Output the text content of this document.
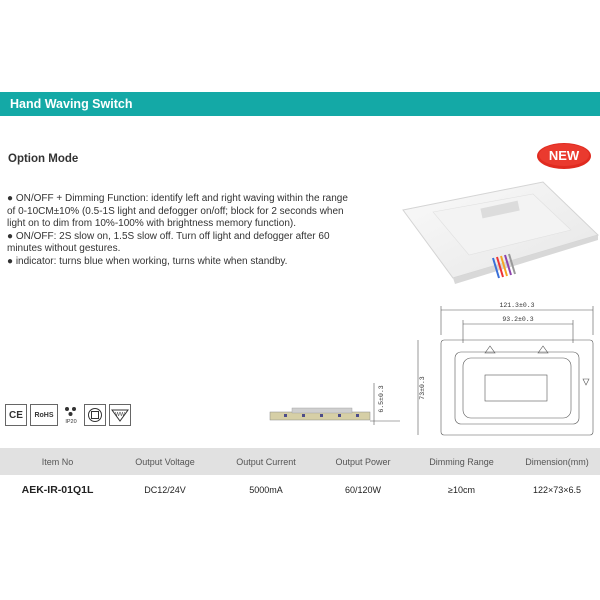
Hand Waving Switch
Option Mode
● ON/OFF + Dimming Function: identify left and right waving within the range of 0-10CM±10% (0.5-1S light and defogger on/off; block for 2 seconds when light on to dim from 10%-100% with brightness memory function).
● ON/OFF: 2S slow on, 1.5S slow off. Turn off light and defogger after 60 minutes without gestures.
● indicator: turns blue when working, turns white when standby.
NEW
121.3±0.3
93.2±0.3
73±0.3
6.5±0.3
CE RoHS
IP20
WW
Item No	Output Voltage	Output Current	Output Power	Dimming Range	Dimension(mm)
AEK-IR-01Q1L	DC12/24V	5000mA	60/120W	≥10cm	122×73×6.5
